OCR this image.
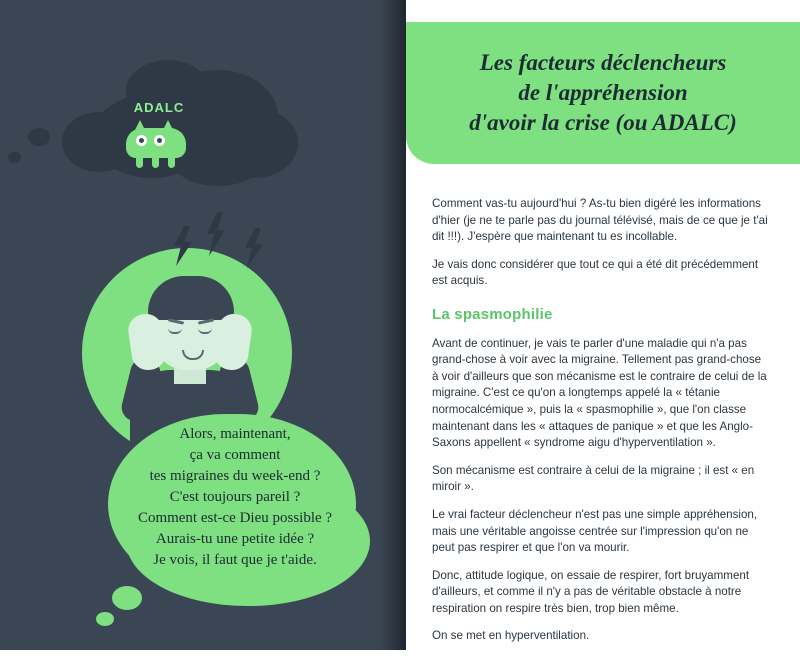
ADALC
Alors, maintenant,
ça va comment
tes migraines du week-end ?
C'est toujours pareil ?
Comment est-ce Dieu possible ?
Aurais-tu une petite idée ?
Je vois, il faut que je t'aide.
Les facteurs déclencheurs
de l'appréhension
d'avoir la crise (ou ADALC)

Comment vas-tu aujourd'hui ? As-tu bien digéré les informations d'hier (je ne te parle pas du journal télévisé, mais de ce que je t'ai dit !!!). J'espère que maintenant tu es incollable.

Je vais donc considérer que tout ce qui a été dit précédemment est acquis.

La spasmophilie

Avant de continuer, je vais te parler d'une maladie qui n'a pas grand-chose à voir avec la migraine. Tellement pas grand-chose à voir d'ailleurs que son mécanisme est le contraire de celui de la migraine. C'est ce qu'on a longtemps appelé la « tétanie normocalcémique », puis la « spasmophilie », que l'on classe maintenant dans les « attaques de panique » et que les Anglo-Saxons appellent « syndrome aigu d'hyperventilation ».

Son mécanisme est contraire à celui de la migraine ; il est « en miroir ».

Le vrai facteur déclencheur n'est pas une simple appréhension, mais une véritable angoisse centrée sur l'impression qu'on ne peut pas respirer et que l'on va mourir.

Donc, attitude logique, on essaie de respirer, fort bruyamment d'ailleurs, et comme il n'y a pas de véritable obstacle à notre respiration on respire très bien, trop bien même.

On se met en hyperventilation.
